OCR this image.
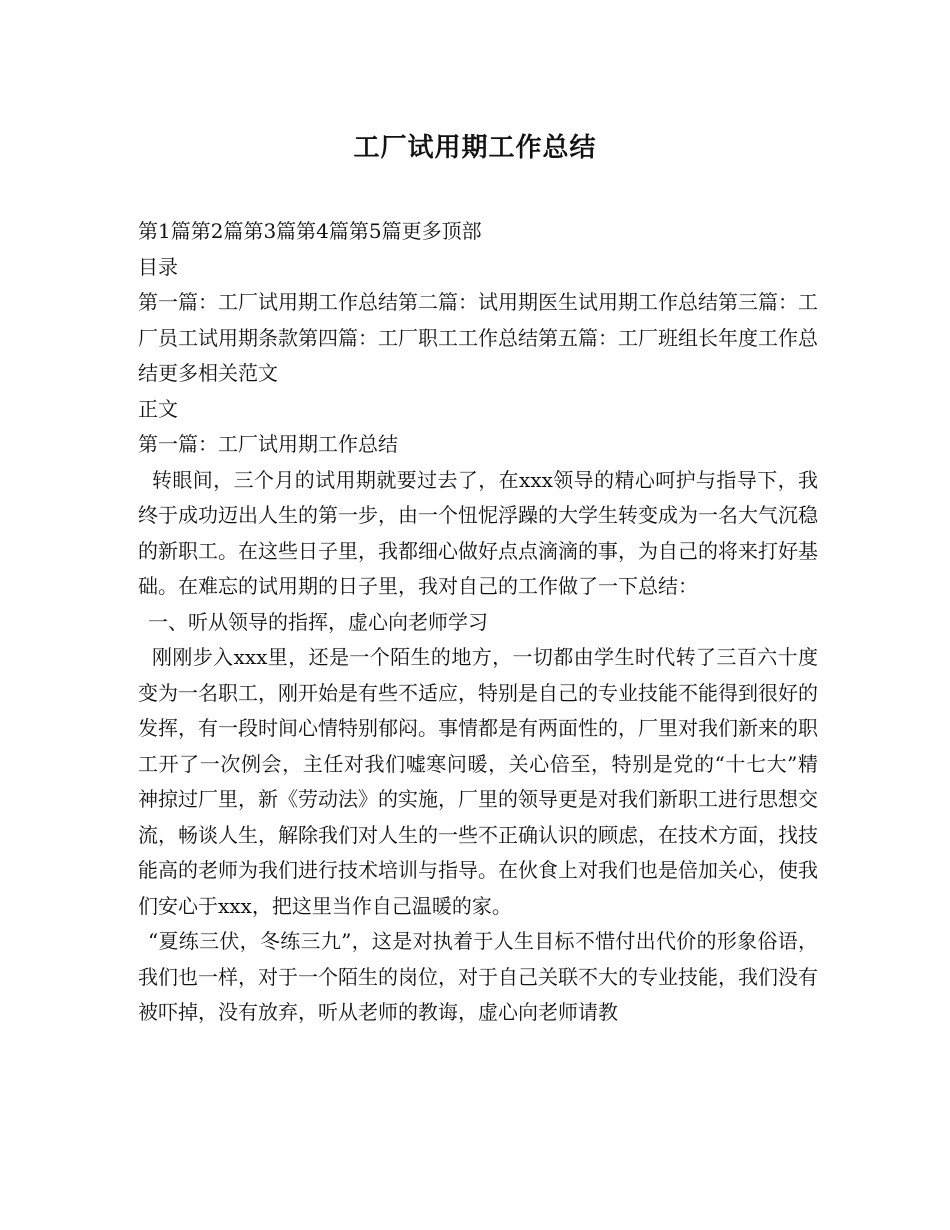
工厂试用期工作总结

第1篇第2篇第3篇第4篇第5篇更多顶部

目录

第一篇：工厂试用期工作总结第二篇：试用期医生试用期工作总结第三篇：工厂员工试用期条款第四篇：工厂职工工作总结第五篇：工厂班组长年度工作总结更多相关范文

正文

第一篇：工厂试用期工作总结

转眼间，三个月的试用期就要过去了，在xxx领导的精心呵护与指导下，我终于成功迈出人生的第一步，由一个忸怩浮躁的大学生转变成为一名大气沉稳的新职工。在这些日子里，我都细心做好点点滴滴的事，为自己的将来打好基础。在难忘的试用期的日子里，我对自己的工作做了一下总结：

一、听从领导的指挥，虚心向老师学习

刚刚步入xxx里，还是一个陌生的地方，一切都由学生时代转了三百六十度变为一名职工，刚开始是有些不适应，特别是自己的专业技能不能得到很好的发挥，有一段时间心情特别郁闷。事情都是有两面性的，厂里对我们新来的职工开了一次例会，主任对我们嘘寒问暖，关心倍至，特别是党的“十七大”精神掠过厂里，新《劳动法》的实施，厂里的领导更是对我们新职工进行思想交流，畅谈人生，解除我们对人生的一些不正确认识的顾虑，在技术方面，找技能高的老师为我们进行技术培训与指导。在伙食上对我们也是倍加关心，使我们安心于xxx，把这里当作自己温暖的家。

“夏练三伏，冬练三九”，这是对执着于人生目标不惜付出代价的形象俗语，我们也一样，对于一个陌生的岗位，对于自己关联不大的专业技能，我们没有被吓掉，没有放弃，听从老师的教诲，虚心向老师请教
